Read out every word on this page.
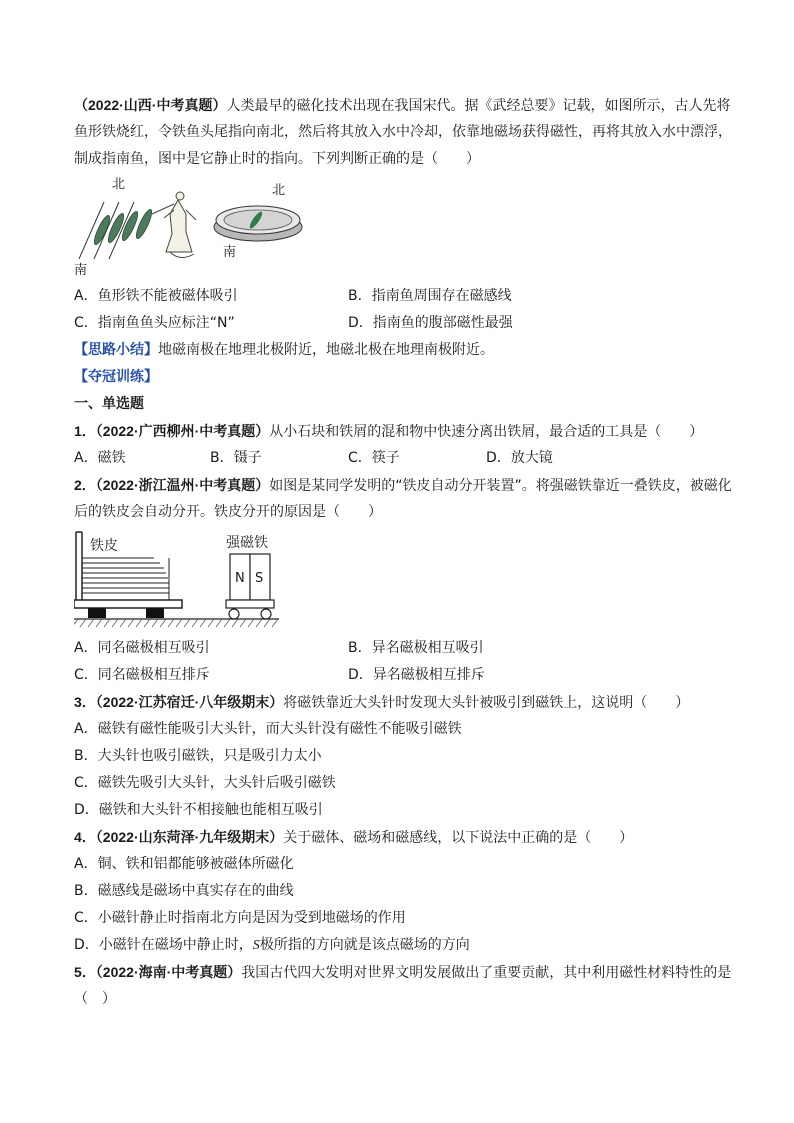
（2022·山西·中考真题）人类最早的磁化技术出现在我国宋代。据《武经总要》记载，如图所示，古人先将
鱼形铁烧红，令铁鱼头尾指向南北，然后将其放入水中冷却，依靠地磁场获得磁性，再将其放入水中漂浮，
制成指南鱼，图中是它静止时的指向。下列判断正确的是（　　）
北
南
北
南
A．鱼形铁不能被磁体吸引	B．指南鱼周围存在磁感线
C．指南鱼鱼头应标注“N”	D．指南鱼的腹部磁性最强
【思路小结】地磁南极在地理北极附近，地磁北极在地理南极附近。
【夺冠训练】
一、单选题
1．（2022·广西柳州·中考真题）从小石块和铁屑的混和物中快速分离出铁屑，最合适的工具是（　　）
A．磁铁	B．镊子	C．筷子	D．放大镜
2．（2022·浙江温州·中考真题）如图是某同学发明的“铁皮自动分开装置”。将强磁铁靠近一叠铁皮，被磁化
后的铁皮会自动分开。铁皮分开的原因是（　　）
铁皮	强磁铁
N S
A．同名磁极相互吸引	B．异名磁极相互吸引
C．同名磁极相互排斥	D．异名磁极相互排斥
3．（2022·江苏宿迁·八年级期末）将磁铁靠近大头针时发现大头针被吸引到磁铁上，这说明（　　）
A．磁铁有磁性能吸引大头针，而大头针没有磁性不能吸引磁铁
B．大头针也吸引磁铁，只是吸引力太小
C．磁铁先吸引大头针，大头针后吸引磁铁
D．磁铁和大头针不相接触也能相互吸引
4．（2022·山东菏泽·九年级期末）关于磁体、磁场和磁感线，以下说法中正确的是（　　）
A．铜、铁和铝都能够被磁体所磁化
B．磁感线是磁场中真实存在的曲线
C．小磁针静止时指南北方向是因为受到地磁场的作用
D．小磁针在磁场中静止时，S极所指的方向就是该点磁场的方向
5．（2022·海南·中考真题）我国古代四大发明对世界文明发展做出了重要贡献，其中利用磁性材料特性的是
（　）
